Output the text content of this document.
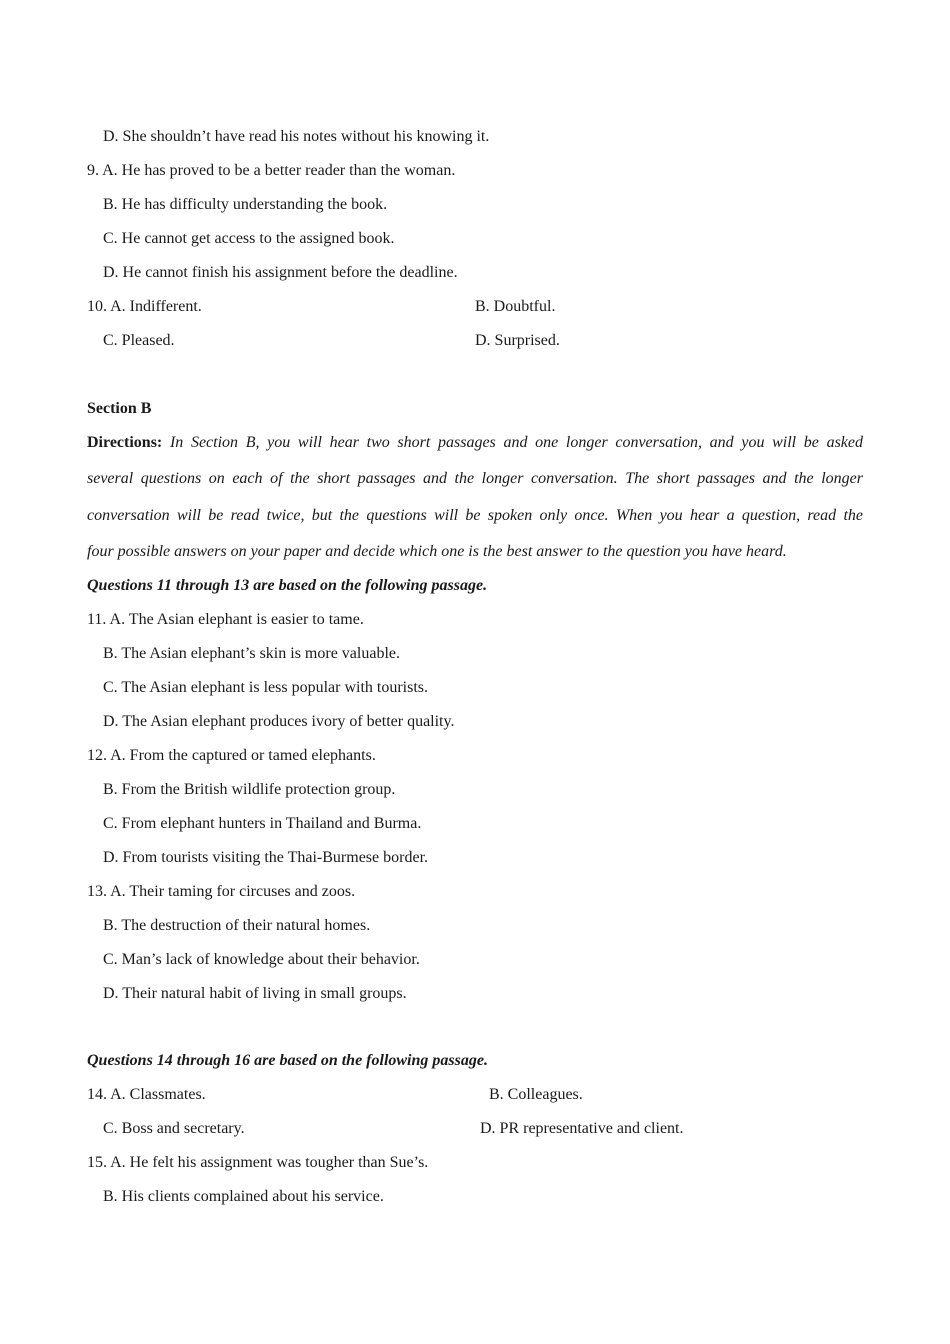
D. She shouldn’t have read his notes without his knowing it.

9. A. He has proved to be a better reader than the woman.

B. He has difficulty understanding the book.

C. He cannot get access to the assigned book.

D. He cannot finish his assignment before the deadline.

10. A. Indifferent.	B. Doubtful.

C. Pleased.	D. Surprised.

Section B

Directions: In Section B, you will hear two short passages and one longer conversation, and you will be asked
several questions on each of the short passages and the longer conversation. The short passages and the longer
conversation will be read twice, but the questions will be spoken only once. When you hear a question, read the
four possible answers on your paper and decide which one is the best answer to the question you have heard.

Questions 11 through 13 are based on the following passage.

11. A. The Asian elephant is easier to tame.

B. The Asian elephant’s skin is more valuable.

C. The Asian elephant is less popular with tourists.

D. The Asian elephant produces ivory of better quality.

12. A. From the captured or tamed elephants.

B. From the British wildlife protection group.

C. From elephant hunters in Thailand and Burma.

D. From tourists visiting the Thai-Burmese border.

13. A. Their taming for circuses and zoos.

B. The destruction of their natural homes.

C. Man’s lack of knowledge about their behavior.

D. Their natural habit of living in small groups.

Questions 14 through 16 are based on the following passage.

14. A. Classmates.	B. Colleagues.

C. Boss and secretary.	D. PR representative and client.

15. A. He felt his assignment was tougher than Sue’s.

B. His clients complained about his service.
